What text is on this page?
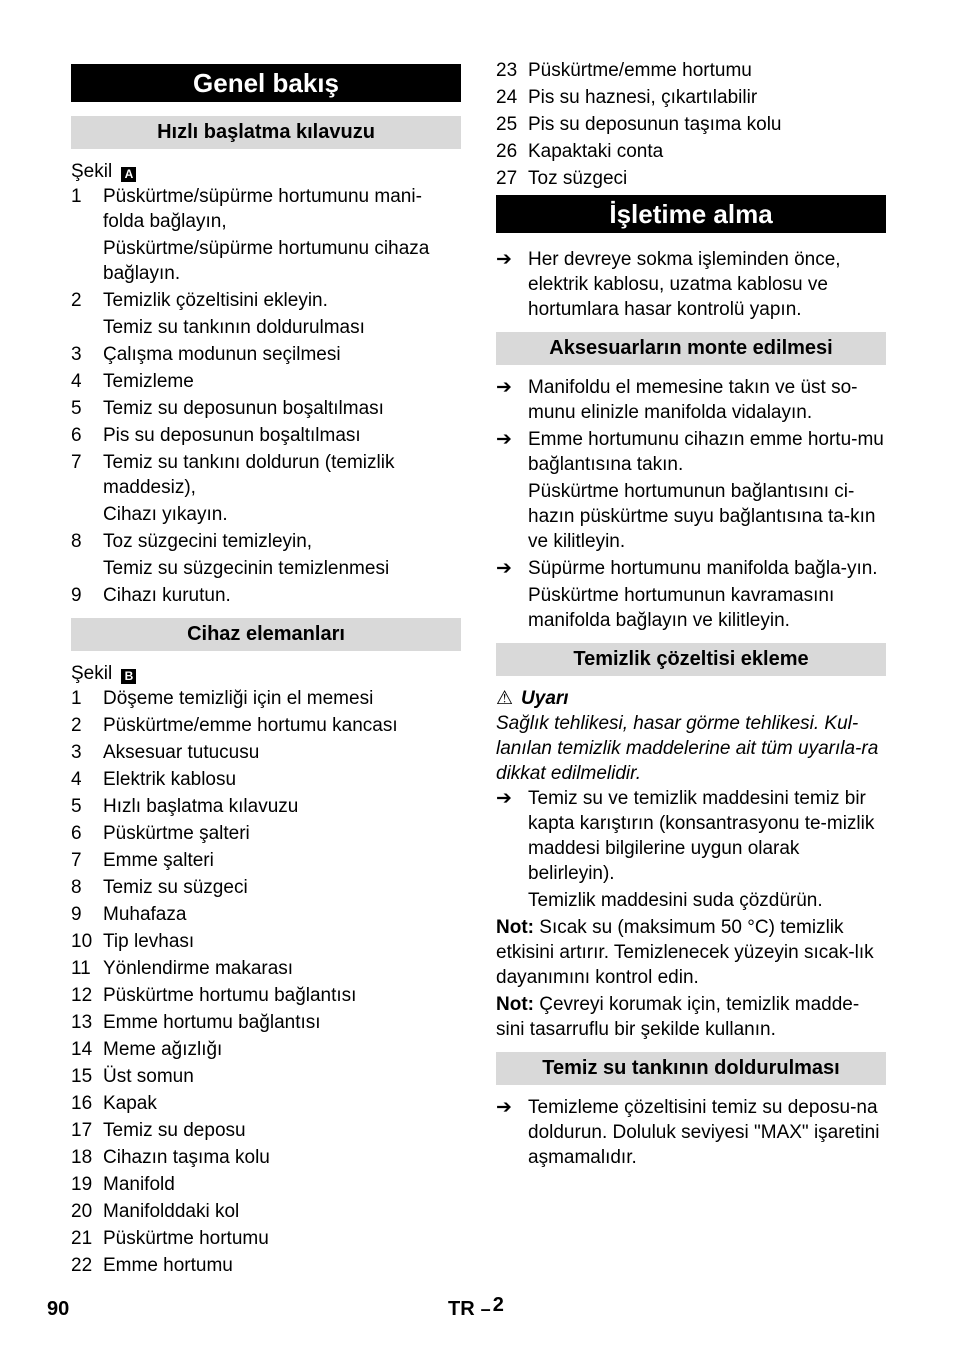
Genel bakış
Hızlı başlatma kılavuzu
Şekil A
1	Püskürtme/süpürme hortumunu mani-folda bağlayın,
Püskürtme/süpürme hortumunu cihaza bağlayın.
2	Temizlik çözeltisini ekleyin.
Temiz su tankının doldurulması
3	Çalışma modunun seçilmesi
4	Temizleme
5	Temiz su deposunun boşaltılması
6	Pis su deposunun boşaltılması
7	Temiz su tankını doldurun (temizlik maddesiz),
Cihazı yıkayın.
8	Toz süzgecini temizleyin,
Temiz su süzgecinin temizlenmesi
9	Cihazı kurutun.
Cihaz elemanları
Şekil B
1	Döşeme temizliği için el memesi
2	Püskürtme/emme hortumu kancası
3	Aksesuar tutucusu
4	Elektrik kablosu
5	Hızlı başlatma kılavuzu
6	Püskürtme şalteri
7	Emme şalteri
8	Temiz su süzgeci
9	Muhafaza
10 Tip levhası
11 Yönlendirme makarası
12 Püskürtme hortumu bağlantısı
13 Emme hortumu bağlantısı
14 Meme ağızlığı
15 Üst somun
16 Kapak
17 Temiz su deposu
18 Cihazın taşıma kolu
19 Manifold
20 Manifolddaki kol
21 Püskürtme hortumu
22 Emme hortumu
23 Püskürtme/emme hortumu
24 Pis su haznesi, çıkartılabilir
25 Pis su deposunun taşıma kolu
26 Kapaktaki conta
27 Toz süzgeci
İşletime alma
➔ Her devreye sokma işleminden önce, elektrik kablosu, uzatma kablosu ve hortumlara hasar kontrolü yapın.
Aksesuarların monte edilmesi
➔ Manifoldu el memesine takın ve üst so-munu elinizle manifolda vidalayın.
➔ Emme hortumunu cihazın emme hortu-mu bağlantısına takın.
Püskürtme hortumunun bağlantısını ci-hazın püskürtme suyu bağlantısına ta-kın ve kilitleyin.
➔ Süpürme hortumunu manifolda bağla-yın.
Püskürtme hortumunun kavramasını manifolda bağlayın ve kilitleyin.
Temizlik çözeltisi ekleme
⚠ Uyarı
Sağlık tehlikesi, hasar görme tehlikesi. Kul-lanılan temizlik maddelerine ait tüm uyarıla-ra dikkat edilmelidir.
➔ Temiz su ve temizlik maddesini temiz bir kapta karıştırın (konsantrasyonu te-mizlik maddesi bilgilerine uygun olarak belirleyin).
Temizlik maddesini suda çözdürün.
Not: Sıcak su (maksimum 50 °C) temizlik etkisini artırır. Temizlenecek yüzeyin sıcak-lık dayanımını kontrol edin.
Not: Çevreyi korumak için, temizlik madde-sini tasarruflu bir şekilde kullanın.
Temiz su tankının doldurulması
➔ Temizleme çözeltisini temiz su deposu-na doldurun. Doluluk seviyesi "MAX" işaretini aşmamalıdır.
90	TR – 2
